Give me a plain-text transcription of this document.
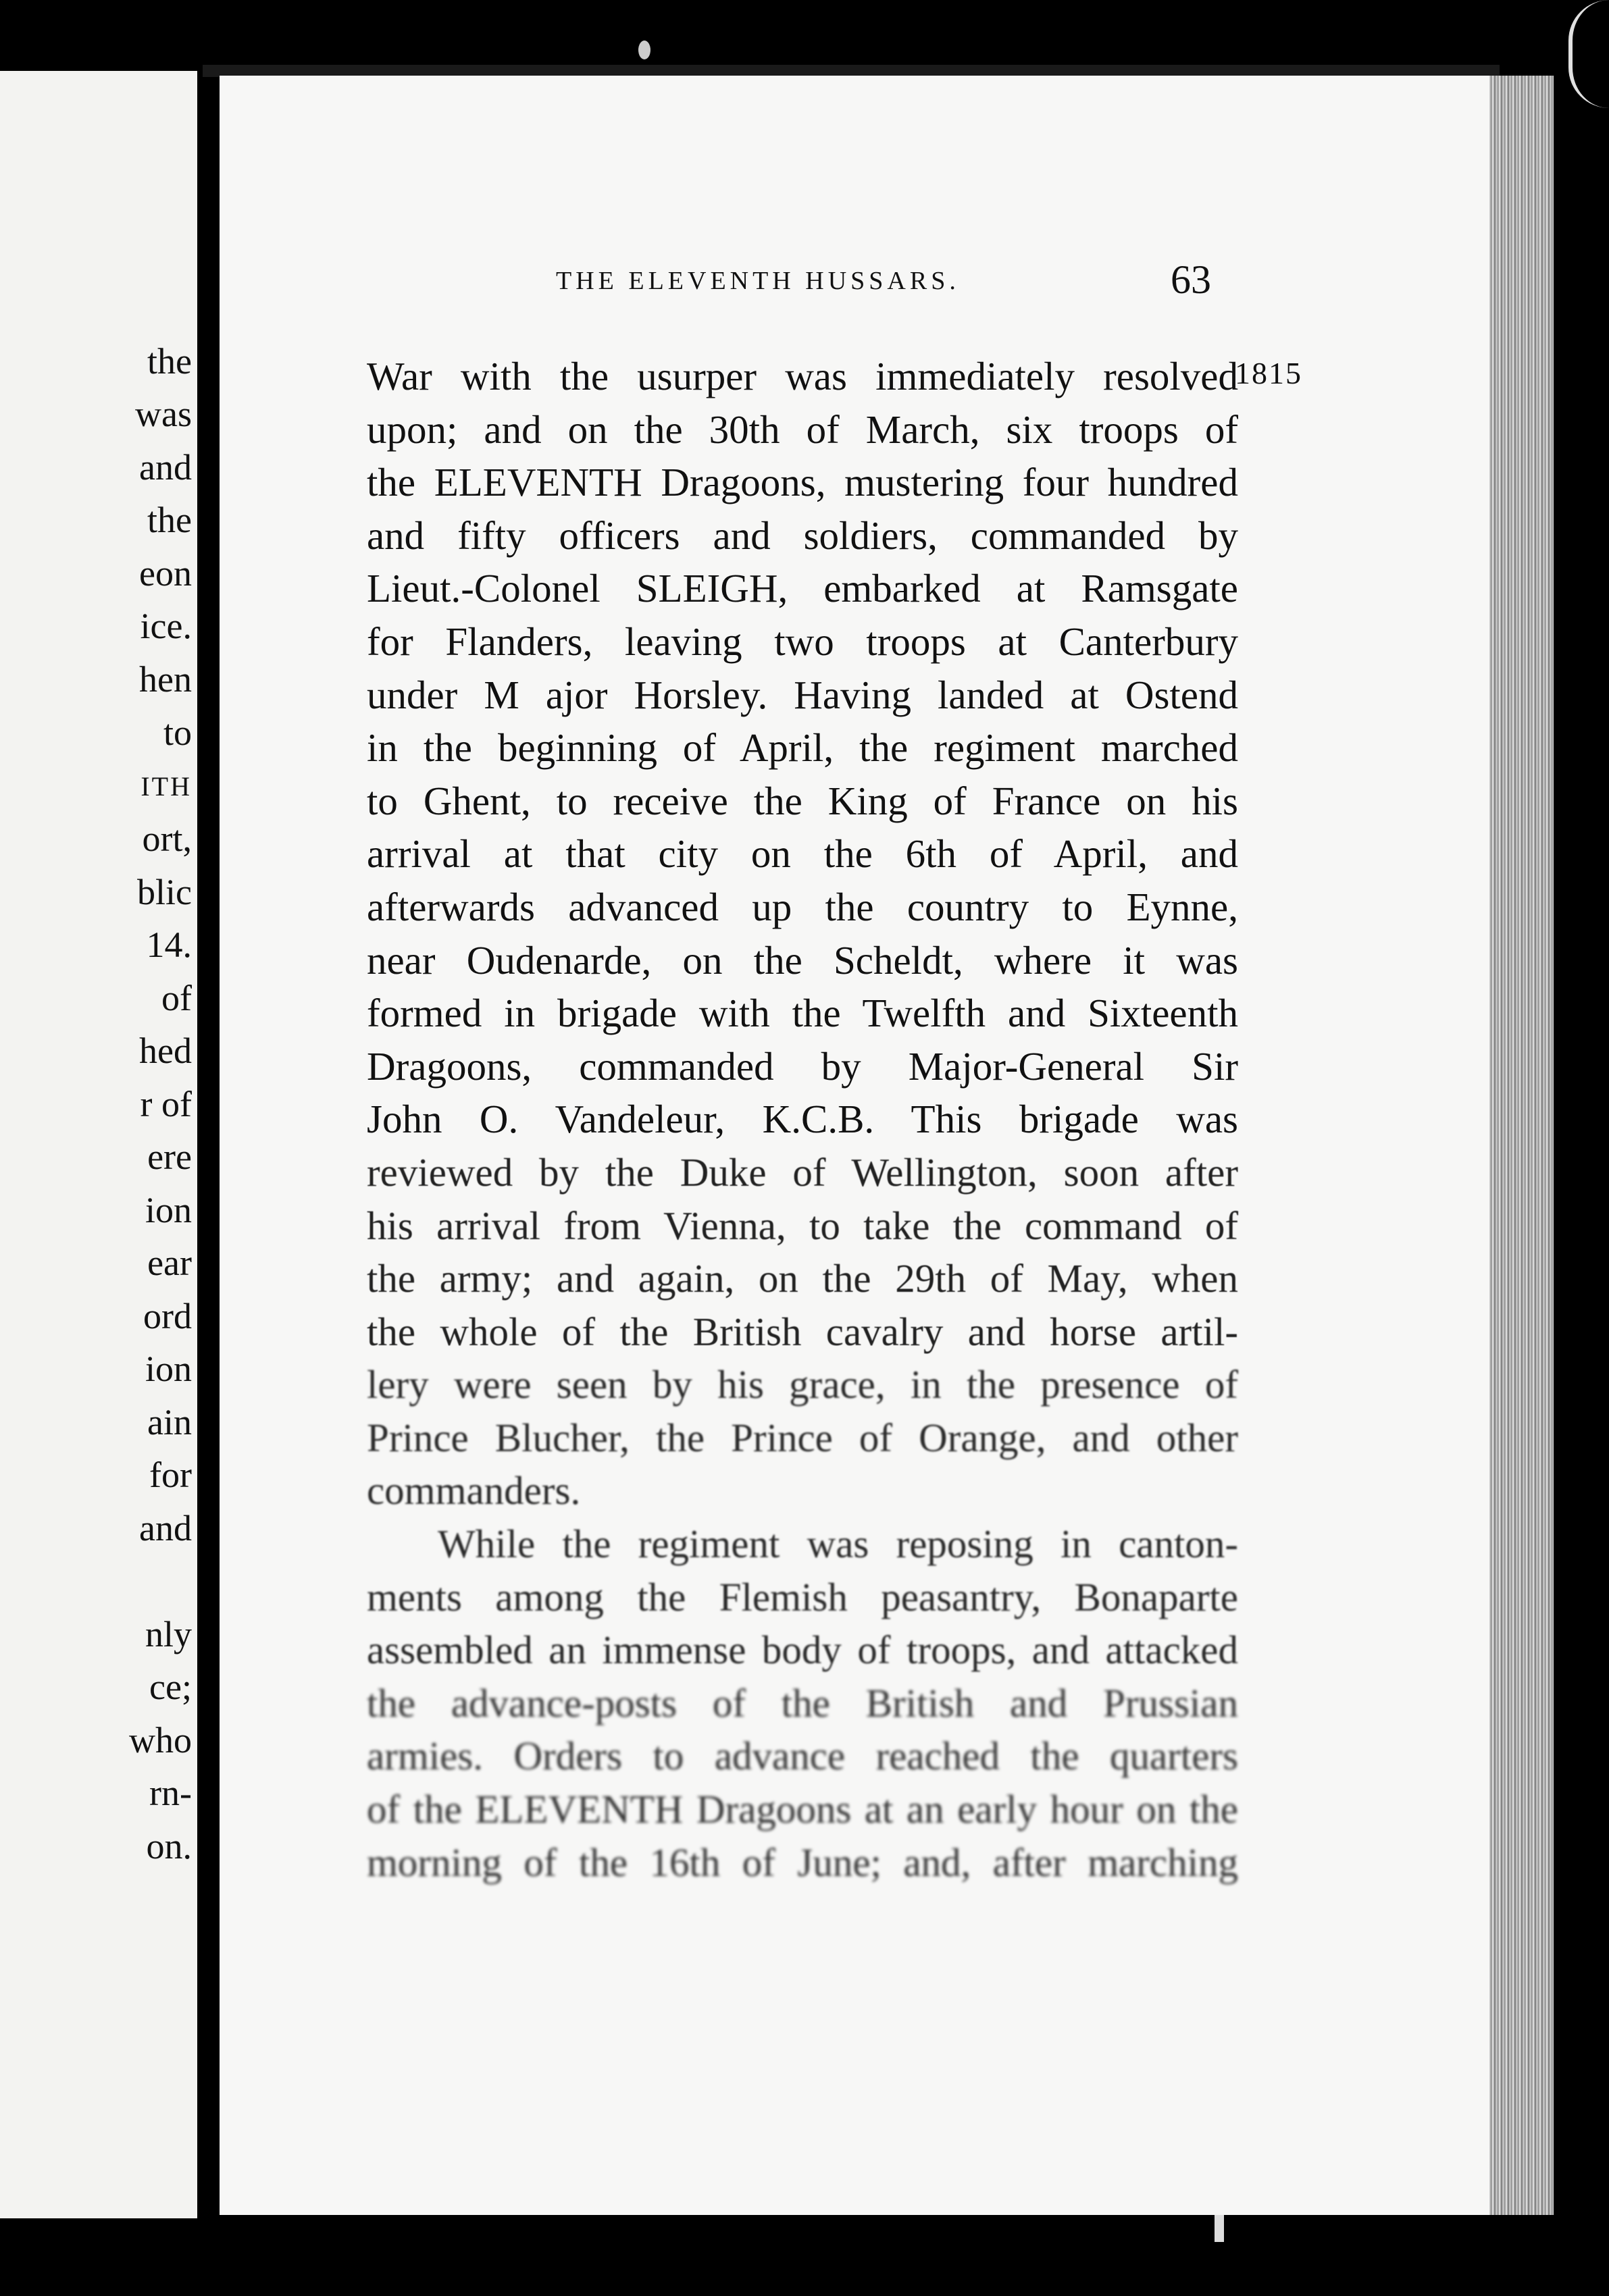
the
was
and
the
eon
ice.
hen
to
ITH
ort,
blic
14.
of
hed
r of
ere
ion
ear
ord
ion
ain
for
and
nly
ce;
who
rn-
on.
THE ELEVENTH HUSSARS.	63
1815
War with the usurper was immediately resolved
upon; and on the 30th of March, six troops of
the ELEVENTH Dragoons, mustering four hundred
and fifty officers and soldiers, commanded by
Lieut.-Colonel SLEIGH, embarked at Ramsgate
for Flanders, leaving two troops at Canterbury
under M ajor Horsley. Having landed at Ostend
in the beginning of April, the regiment marched
to Ghent, to receive the King of France on his
arrival at that city on the 6th of April, and
afterwards advanced up the country to Eynne,
near Oudenarde, on the Scheldt, where it was
formed in brigade with the Twelfth and Sixteenth
Dragoons, commanded by Major-General Sir
John O. Vandeleur, K.C.B. This brigade was
reviewed by the Duke of Wellington, soon after
his arrival from Vienna, to take the command of
the army; and again, on the 29th of May, when
the whole of the British cavalry and horse artil-
lery were seen by his grace, in the presence of
Prince Blucher, the Prince of Orange, and other
commanders.
While the regiment was reposing in canton-
ments among the Flemish peasantry, Bonaparte
assembled an immense body of troops, and attacked
the advance-posts of the British and Prussian
armies. Orders to advance reached the quarters
of the ELEVENTH Dragoons at an early hour on the
morning of the 16th of June; and, after marching
